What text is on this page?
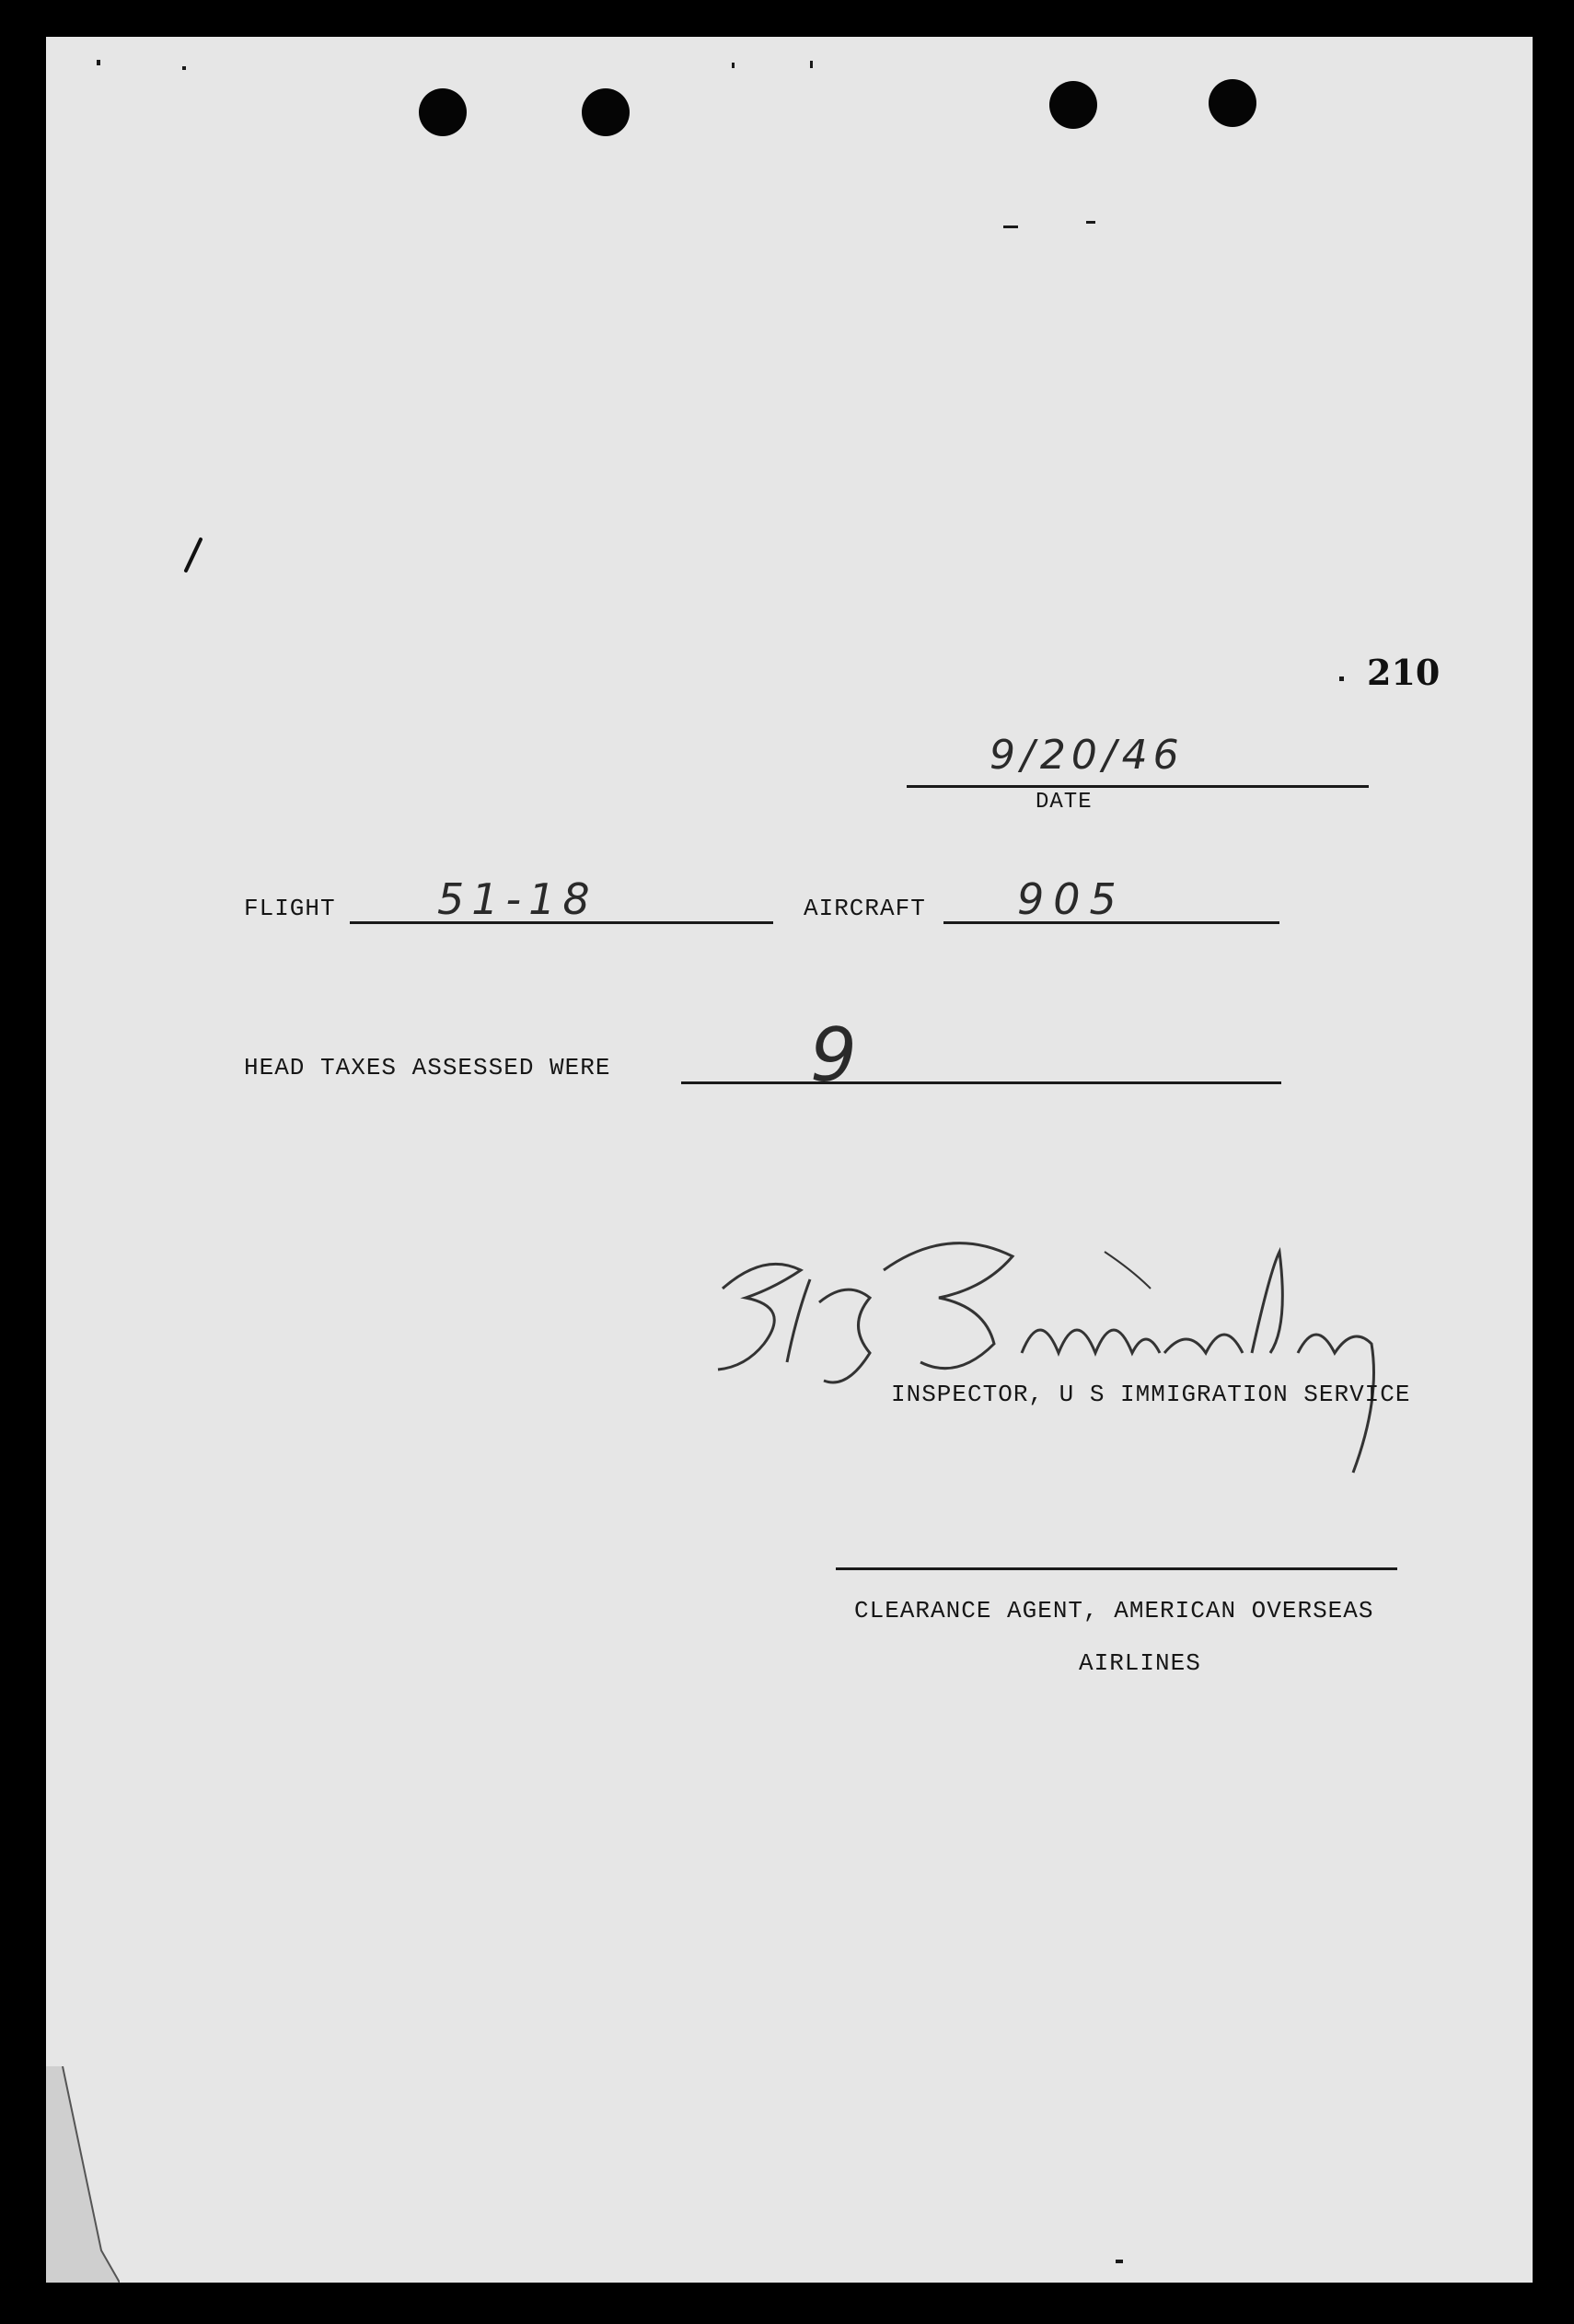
210
9/20/46
DATE
FLIGHT 51-18	AIRCRAFT 905
HEAD TAXES ASSESSED WERE	9
INSPECTOR, U S IMMIGRATION SERVICE
CLEARANCE AGENT, AMERICAN OVERSEAS
AIRLINES
